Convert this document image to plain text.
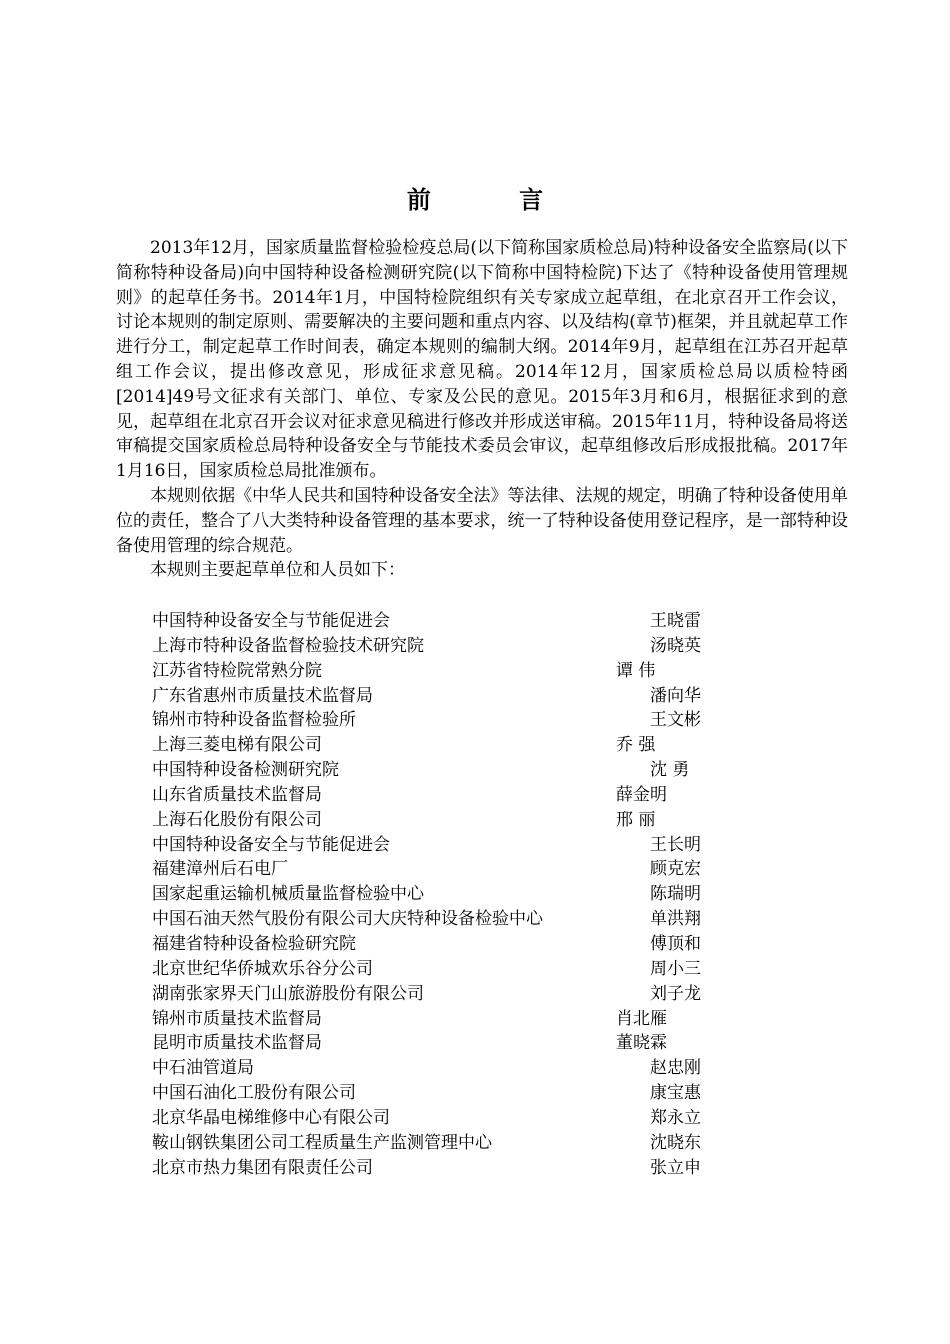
前 言

2013年12月，国家质量监督检验检疫总局(以下简称国家质检总局)特种设备安全监察局(以下简称特种设备局)向中国特种设备检测研究院(以下简称中国特检院)下达了《特种设备使用管理规则》的起草任务书。2014年1月，中国特检院组织有关专家成立起草组，在北京召开工作会议，讨论本规则的制定原则、需要解决的主要问题和重点内容、以及结构(章节)框架，并且就起草工作进行分工，制定起草工作时间表，确定本规则的编制大纲。2014年9月，起草组在江苏召开起草组工作会议，提出修改意见，形成征求意见稿。2014年12月，国家质检总局以质检特函[2014]49号文征求有关部门、单位、专家及公民的意见。2015年3月和6月，根据征求到的意见，起草组在北京召开会议对征求意见稿进行修改并形成送审稿。2015年11月，特种设备局将送审稿提交国家质检总局特种设备安全与节能技术委员会审议，起草组修改后形成报批稿。2017年1月16日，国家质检总局批准颁布。

本规则依据《中华人民共和国特种设备安全法》等法律、法规的规定，明确了特种设备使用单位的责任，整合了八大类特种设备管理的基本要求，统一了特种设备使用登记程序，是一部特种设备使用管理的综合规范。

本规则主要起草单位和人员如下：

中国特种设备安全与节能促进会	王晓雷
上海市特种设备监督检验技术研究院	汤晓英
江苏省特检院常熟分院	谭 伟
广东省惠州市质量技术监督局	潘向华
锦州市特种设备监督检验所	王文彬
上海三菱电梯有限公司	乔 强
中国特种设备检测研究院	沈 勇
山东省质量技术监督局	薛金明
上海石化股份有限公司	邢 丽
中国特种设备安全与节能促进会	王长明
福建漳州后石电厂	顾克宏
国家起重运输机械质量监督检验中心	陈瑞明
中国石油天然气股份有限公司大庆特种设备检验中心	单洪翔
福建省特种设备检验研究院	傅顶和
北京世纪华侨城欢乐谷分公司	周小三
湖南张家界天门山旅游股份有限公司	刘子龙
锦州市质量技术监督局	肖北雁
昆明市质量技术监督局	董晓霖
中石油管道局	赵忠刚
中国石油化工股份有限公司	康宝惠
北京华晶电梯维修中心有限公司	郑永立
鞍山钢铁集团公司工程质量生产监测管理中心	沈晓东
北京市热力集团有限责任公司	张立申
